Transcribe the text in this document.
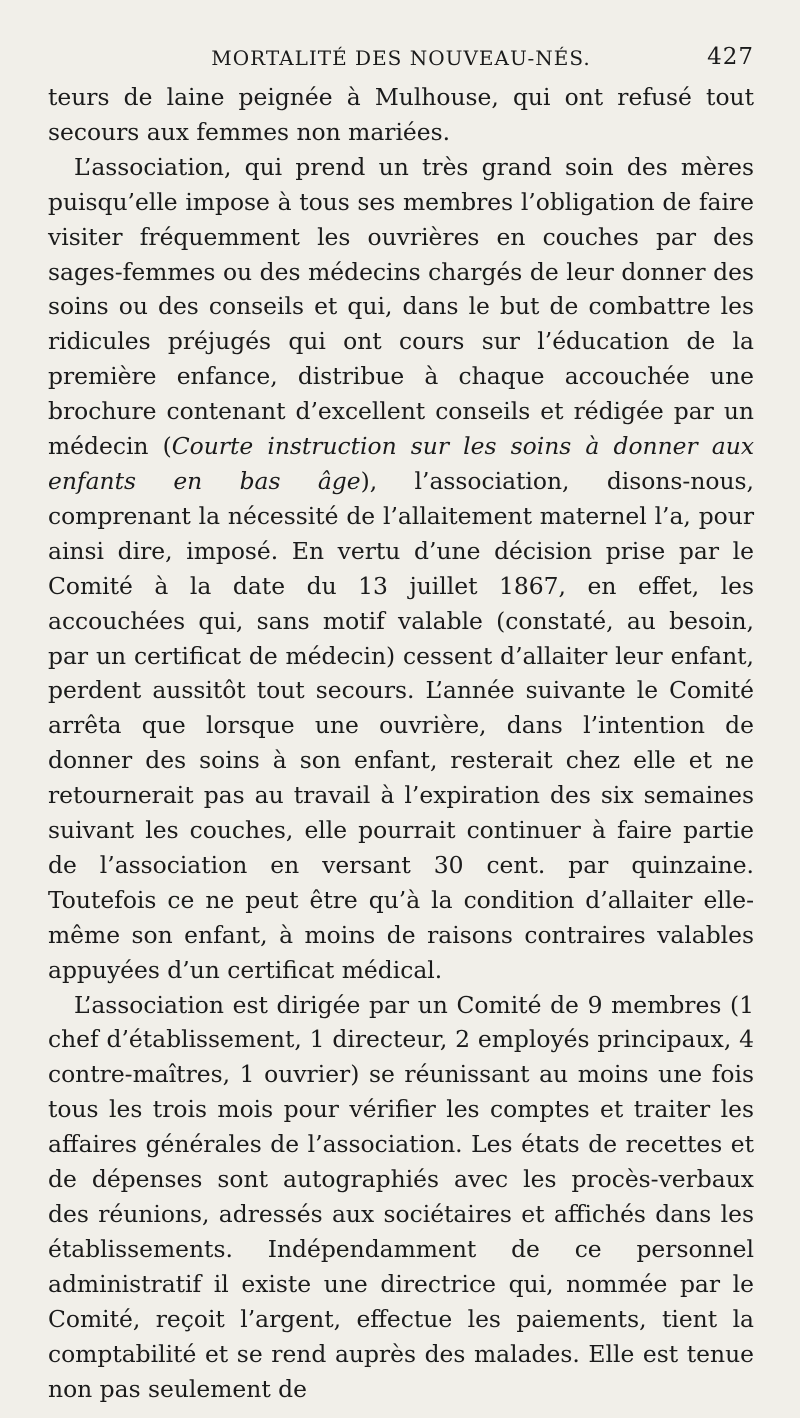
MORTALITÉ DES NOUVEAU-NÉS.	427

teurs de laine peignée à Mulhouse, qui ont refusé tout secours aux femmes non mariées.

L’association, qui prend un très grand soin des mères puisqu’elle impose à tous ses membres l’obligation de faire visiter fréquemment les ouvrières en couches par des sages-femmes ou des médecins chargés de leur donner des soins ou des conseils et qui, dans le but de combattre les ridicules préjugés qui ont cours sur l’éducation de la première enfance, distribue à chaque accouchée une brochure contenant d’excellent conseils et rédigée par un médecin (Courte instruction sur les soins à donner aux enfants en bas âge), l’association, disons-nous, comprenant la nécessité de l’allaitement maternel l’a, pour ainsi dire, imposé. En vertu d’une décision prise par le Comité à la date du 13 juillet 1867, en effet, les accouchées qui, sans motif valable (constaté, au besoin, par un certificat de médecin) cessent d’allaiter leur enfant, perdent aussitôt tout secours. L’année suivante le Comité arrêta que lorsque une ouvrière, dans l’intention de donner des soins à son enfant, resterait chez elle et ne retournerait pas au travail à l’expiration des six semaines suivant les couches, elle pourrait continuer à faire partie de l’association en versant 30 cent. par quinzaine. Toutefois ce ne peut être qu’à la condition d’allaiter elle-même son enfant, à moins de raisons contraires valables appuyées d’un certificat médical.

L’association est dirigée par un Comité de 9 membres (1 chef d’établissement, 1 directeur, 2 employés principaux, 4 contre-maîtres, 1 ouvrier) se réunissant au moins une fois tous les trois mois pour vérifier les comptes et traiter les affaires générales de l’association. Les états de recettes et de dépenses sont autographiés avec les procès-verbaux des réunions, adressés aux sociétaires et affichés dans les établissements. Indépendamment de ce personnel administratif il existe une directrice qui, nommée par le Comité, reçoit l’argent, effectue les paiements, tient la comptabilité et se rend auprès des malades. Elle est tenue non pas seulement de
